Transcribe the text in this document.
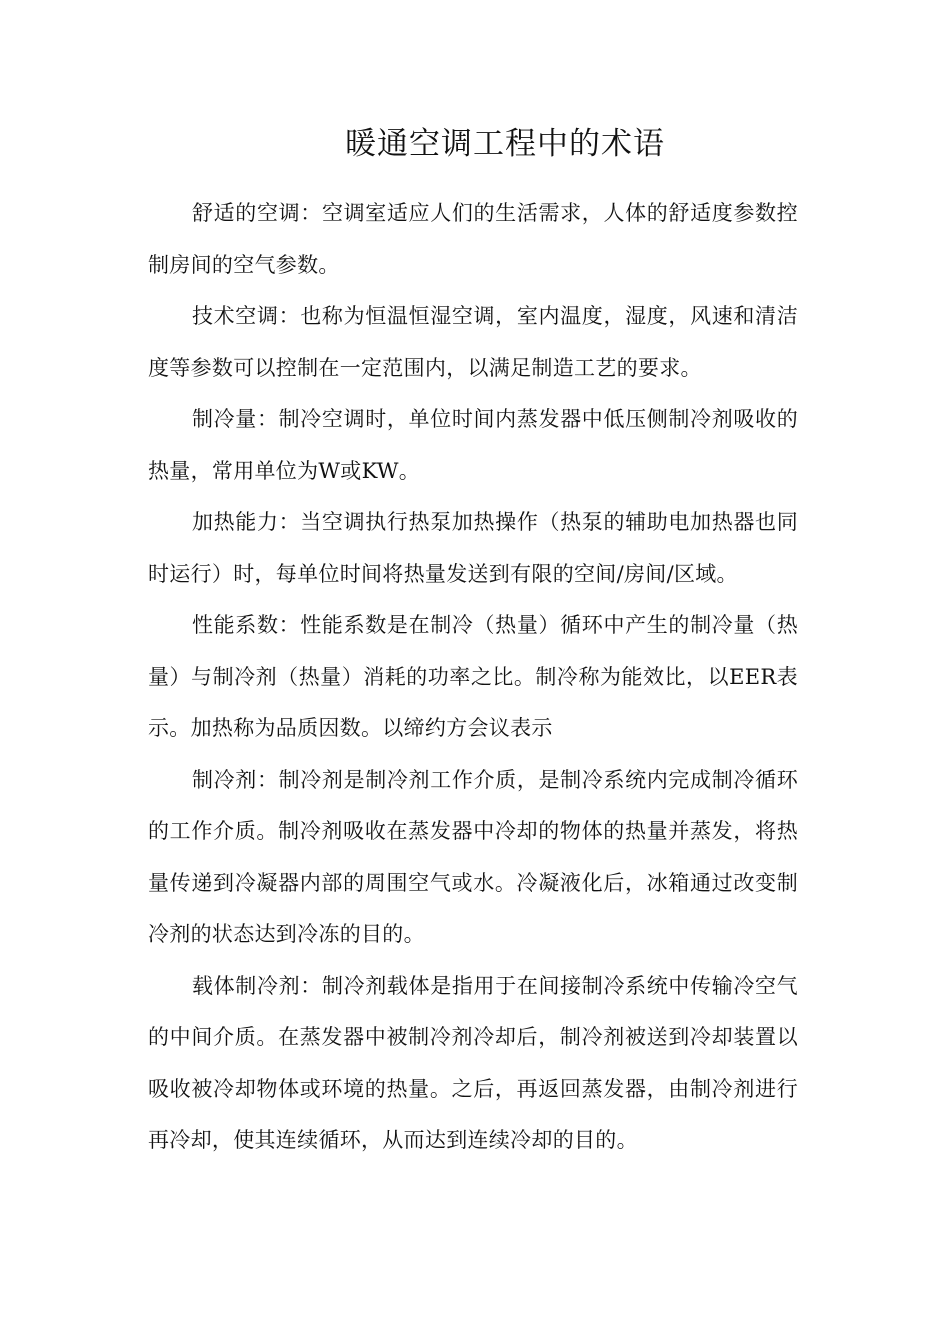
暖通空调工程中的术语

舒适的空调：空调室适应人们的生活需求，人体的舒适度参数控制房间的空气参数。

技术空调：也称为恒温恒湿空调，室内温度，湿度，风速和清洁度等参数可以控制在一定范围内，以满足制造工艺的要求。

制冷量：制冷空调时，单位时间内蒸发器中低压侧制冷剂吸收的热量，常用单位为W或KW。

加热能力：当空调执行热泵加热操作（热泵的辅助电加热器也同时运行）时，每单位时间将热量发送到有限的空间/房间/区域。

性能系数：性能系数是在制冷（热量）循环中产生的制冷量（热量）与制冷剂（热量）消耗的功率之比。制冷称为能效比，以EER表示。加热称为品质因数。以缔约方会议表示

制冷剂：制冷剂是制冷剂工作介质，是制冷系统内完成制冷循环的工作介质。制冷剂吸收在蒸发器中冷却的物体的热量并蒸发，将热量传递到冷凝器内部的周围空气或水。冷凝液化后，冰箱通过改变制冷剂的状态达到冷冻的目的。

载体制冷剂：制冷剂载体是指用于在间接制冷系统中传输冷空气的中间介质。在蒸发器中被制冷剂冷却后，制冷剂被送到冷却装置以吸收被冷却物体或环境的热量。之后，再返回蒸发器，由制冷剂进行再冷却，使其连续循环，从而达到连续冷却的目的。
